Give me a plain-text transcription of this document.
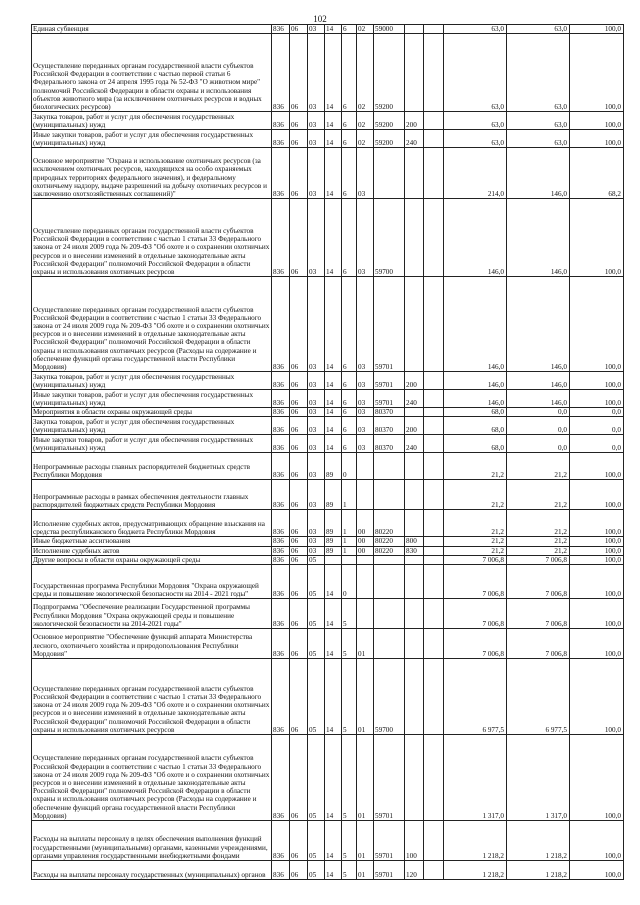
102
Единая субвенция	836	06	03	14	6	02	59000			63,0	63,0	100,0
Осуществление переданных органам государственной власти субъектов Российской Федерации в соответствии с частью первой статьи 6 Федерального закона от 24 апреля 1995 года № 52-ФЗ "О животном мире" полномочий Российской Федерации в области охраны и использования объектов животного мира (за исключением охотничьих ресурсов и водных биологических ресурсов)	836	06	03	14	6	02	59200			63,0	63,0	100,0
Закупка товаров, работ и услуг для обеспечения государственных (муниципальных) нужд	836	06	03	14	6	02	59200	200		63,0	63,0	100,0
Иные закупки товаров, работ и услуг для обеспечения государственных (муниципальных) нужд	836	06	03	14	6	02	59200	240		63,0	63,0	100,0
Основное мероприятие "Охрана и использование охотничьих ресурсов (за исключением охотничьих ресурсов, находящихся на особо охраняемых природных территориях федерального значения), и федеральному охотничьему надзору, выдаче разрешений на добычу охотничьих ресурсов и заключению охотхозяйственных соглашений)"	836	06	03	14	6	03				214,0	146,0	68,2
Осуществление переданных органам государственной власти субъектов Российской Федерации в соответствии с частью 1 статьи 33 Федерального закона от 24 июля 2009 года № 209-ФЗ "Об охоте и о сохранении охотничьих ресурсов и о внесении изменений в отдельные законодательные акты Российской Федерации" полномочий Российской Федерации в области охраны и использования охотничьих ресурсов	836	06	03	14	6	03	59700			146,0	146,0	100,0
Осуществление переданных органам государственной власти субъектов Российской Федерации в соответствии с частью 1 статьи 33 Федерального закона от 24 июля 2009 года № 209-ФЗ "Об охоте и о сохранении охотничьих ресурсов и о внесении изменений в отдельные законодательные акты Российской Федерации" полномочий Российской Федерации в области охраны и использования охотничьих ресурсов (Расходы на содержание и обеспечение функций органа государственной власти Республики Мордовия)	836	06	03	14	6	03	59701			146,0	146,0	100,0
Закупка товаров, работ и услуг для обеспечения государственных (муниципальных) нужд	836	06	03	14	6	03	59701	200		146,0	146,0	100,0
Иные закупки товаров, работ и услуг для обеспечения государственных (муниципальных) нужд	836	06	03	14	6	03	59701	240		146,0	146,0	100,0
Мероприятия в области охраны окружающей среды	836	06	03	14	6	03	80370			68,0	0,0	0,0
Закупка товаров, работ и услуг для обеспечения государственных (муниципальных) нужд	836	06	03	14	6	03	80370	200		68,0	0,0	0,0
Иные закупки товаров, работ и услуг для обеспечения государственных (муниципальных) нужд	836	06	03	14	6	03	80370	240		68,0	0,0	0,0
Непрограммные расходы главных распорядителей бюджетных средств Республики Мордовия	836	06	03	89	0					21,2	21,2	100,0
Непрограммные расходы в рамках обеспечения деятельности главных распорядителей бюджетных средств Республики Мордовия	836	06	03	89	1					21,2	21,2	100,0
Исполнение судебных актов, предусматривающих обращение взыскания на средства республиканского бюджета Республики Мордовия	836	06	03	89	1	00	80220			21,2	21,2	100,0
Иные бюджетные ассигнования	836	06	03	89	1	00	80220	800		21,2	21,2	100,0
Исполнение судебных актов	836	06	03	89	1	00	80220	830		21,2	21,2	100,0
Другие вопросы в области охраны окружающей среды	836	06	05							7 006,8	7 006,8	100,0
Государственная программа Республики Мордовия "Охрана окружающей среды и повышение экологической безопасности на 2014 - 2021 годы"	836	06	05	14	0					7 006,8	7 006,8	100,0
Подпрограмма "Обеспечение реализации Государственной программы Республики Мордовия "Охрана окружающей среды и повышение экологической безопасности на 2014-2021 годы"	836	06	05	14	5					7 006,8	7 006,8	100,0
Основное мероприятие "Обеспечение функций аппарата Министерства лесного, охотничьего хозяйства и природопользования Республики Мордовия"	836	06	05	14	5	01				7 006,8	7 006,8	100,0
Осуществление переданных органам государственной власти субъектов Российской Федерации в соответствии с частью 1 статьи 33 Федерального закона от 24 июля 2009 года № 209-ФЗ "Об охоте и о сохранении охотничьих ресурсов и о внесении изменений в отдельные законодательные акты Российской Федерации" полномочий Российской Федерации в области охраны и использования охотничьих ресурсов	836	06	05	14	5	01	59700			6 977,5	6 977,5	100,0
Осуществление переданных органам государственной власти субъектов Российской Федерации в соответствии с частью 1 статьи 33 Федерального закона от 24 июля 2009 года № 209-ФЗ "Об охоте и о сохранении охотничьих ресурсов и о внесении изменений в отдельные законодательные акты Российской Федерации" полномочий Российской Федерации в области охраны и использования охотничьих ресурсов (Расходы на содержание и обеспечение функций органа государственной власти Республики Мордовия)	836	06	05	14	5	01	59701			1 317,0	1 317,0	100,0
Расходы на выплаты персоналу в целях обеспечения выполнения функций государственными (муниципальными) органами, казенными учреждениями, органами управления государственными внебюджетными фондами	836	06	05	14	5	01	59701	100		1 218,2	1 218,2	100,0
Расходы на выплаты персоналу государственных (муниципальных) органов	836	06	05	14	5	01	59701	120		1 218,2	1 218,2	100,0
